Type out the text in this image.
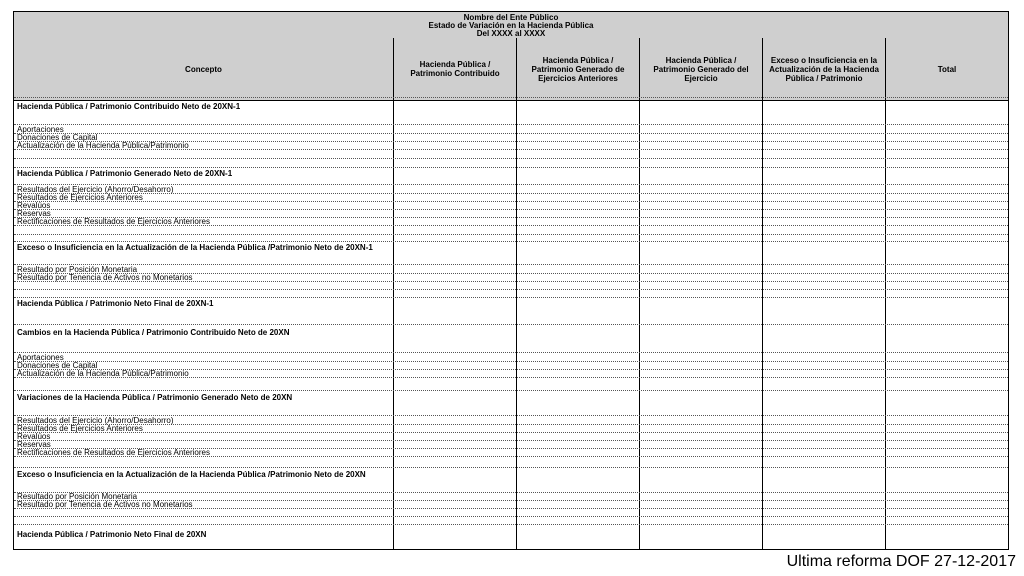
Nombre del Ente Público
Estado de Variación en la Hacienda Pública
Del XXXX al XXXX
Concepto	Hacienda Pública / Patrimonio Contribuido
Hacienda Pública / Patrimonio Generado de Ejercicios Anteriores
Hacienda Pública / Patrimonio Generado del Ejercicio
Exceso o Insuficiencia en la Actualización de la Hacienda Pública / Patrimonio
Total
Hacienda Pública / Patrimonio Contribuido Neto de 20XN-1
Aportaciones
Donaciones de Capital
Actualización de la Hacienda Pública/Patrimonio
Hacienda Pública / Patrimonio Generado Neto de 20XN-1
Resultados del Ejercicio (Ahorro/Desahorro)
Resultados de Ejercicios Anteriores
Revalúos
Reservas
Rectificaciones de Resultados de Ejercicios Anteriores
Exceso o Insuficiencia en la Actualización de la Hacienda Pública /Patrimonio Neto de 20XN-1
Resultado por Posición Monetaria
Resultado por Tenencia de Activos no Monetarios
Hacienda Pública / Patrimonio Neto Final de 20XN-1
Cambios en la Hacienda Pública / Patrimonio Contribuido Neto de 20XN
Aportaciones
Donaciones de Capital
Actualización de la Hacienda Pública/Patrimonio
Variaciones de la Hacienda Pública / Patrimonio Generado Neto de 20XN
Resultados del Ejercicio (Ahorro/Desahorro)
Resultados de Ejercicios Anteriores
Revalúos
Reservas
Rectificaciones de Resultados de Ejercicios Anteriores
Exceso o Insuficiencia en la Actualización de la Hacienda Pública /Patrimonio Neto de 20XN
Resultado por Posición Monetaria
Resultado por Tenencia de Activos no Monetarios
Hacienda Pública / Patrimonio Neto Final de 20XN
Ultima reforma DOF 27-12-2017
